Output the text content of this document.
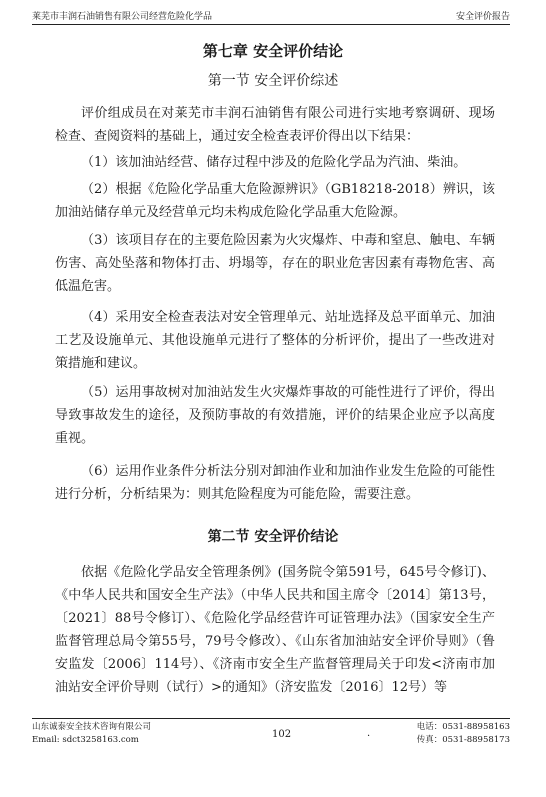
莱芜市丰润石油销售有限公司经营危险化学品	安全评价报告
第七章 安全评价结论
第一节 安全评价综述

评价组成员在对莱芜市丰润石油销售有限公司进行实地考察调研、现场检查、查阅资料的基础上，通过安全检查表评价得出以下结果：

（1）该加油站经营、储存过程中涉及的危险化学品为汽油、柴油。

（2）根据《危险化学品重大危险源辨识》（GB18218-2018）辨识，该加油站储存单元及经营单元均未构成危险化学品重大危险源。

（3）该项目存在的主要危险因素为火灾爆炸、中毒和窒息、触电、车辆伤害、高处坠落和物体打击、坍塌等，存在的职业危害因素有毒物危害、高低温危害。

（4）采用安全检查表法对安全管理单元、站址选择及总平面单元、加油工艺及设施单元、其他设施单元进行了整体的分析评价，提出了一些改进对策措施和建议。

（5）运用事故树对加油站发生火灾爆炸事故的可能性进行了评价，得出导致事故发生的途径，及预防事故的有效措施，评价的结果企业应予以高度重视。

（6）运用作业条件分析法分别对卸油作业和加油作业发生危险的可能性进行分析，分析结果为：则其危险程度为可能危险，需要注意。

第二节 安全评价结论

依据《危险化学品安全管理条例》(国务院令第591号，645号令修订)、《中华人民共和国安全生产法》（中华人民共和国主席令〔2014〕第13号，〔2021〕88号令修订）、《危险化学品经营许可证管理办法》（国家安全生产监督管理总局令第55号，79号令修改）、《山东省加油站安全评价导则》（鲁安监发〔2006〕114号）、《济南市安全生产监督管理局关于印发<济南市加油站安全评价导则（试行）>的通知》（济安监发〔2016〕12号）等

山东诚泰安全技术咨询有限公司
Email: sdct3258163.com	102	·
电话：0531-88958163
传真：0531-88958173
